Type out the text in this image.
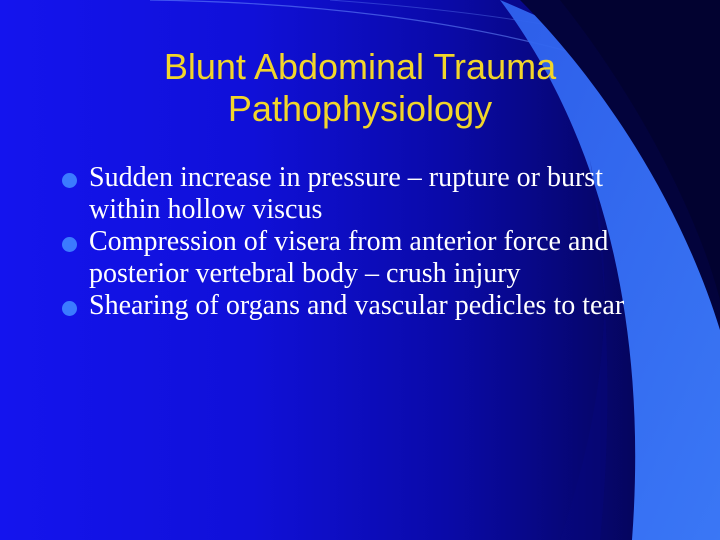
Blunt Abdominal Trauma
Pathophysiology
Sudden increase in pressure – rupture or burst within hollow viscus
Compression of visera from anterior force and posterior vertebral body – crush injury
Shearing of organs and vascular pedicles to tear
